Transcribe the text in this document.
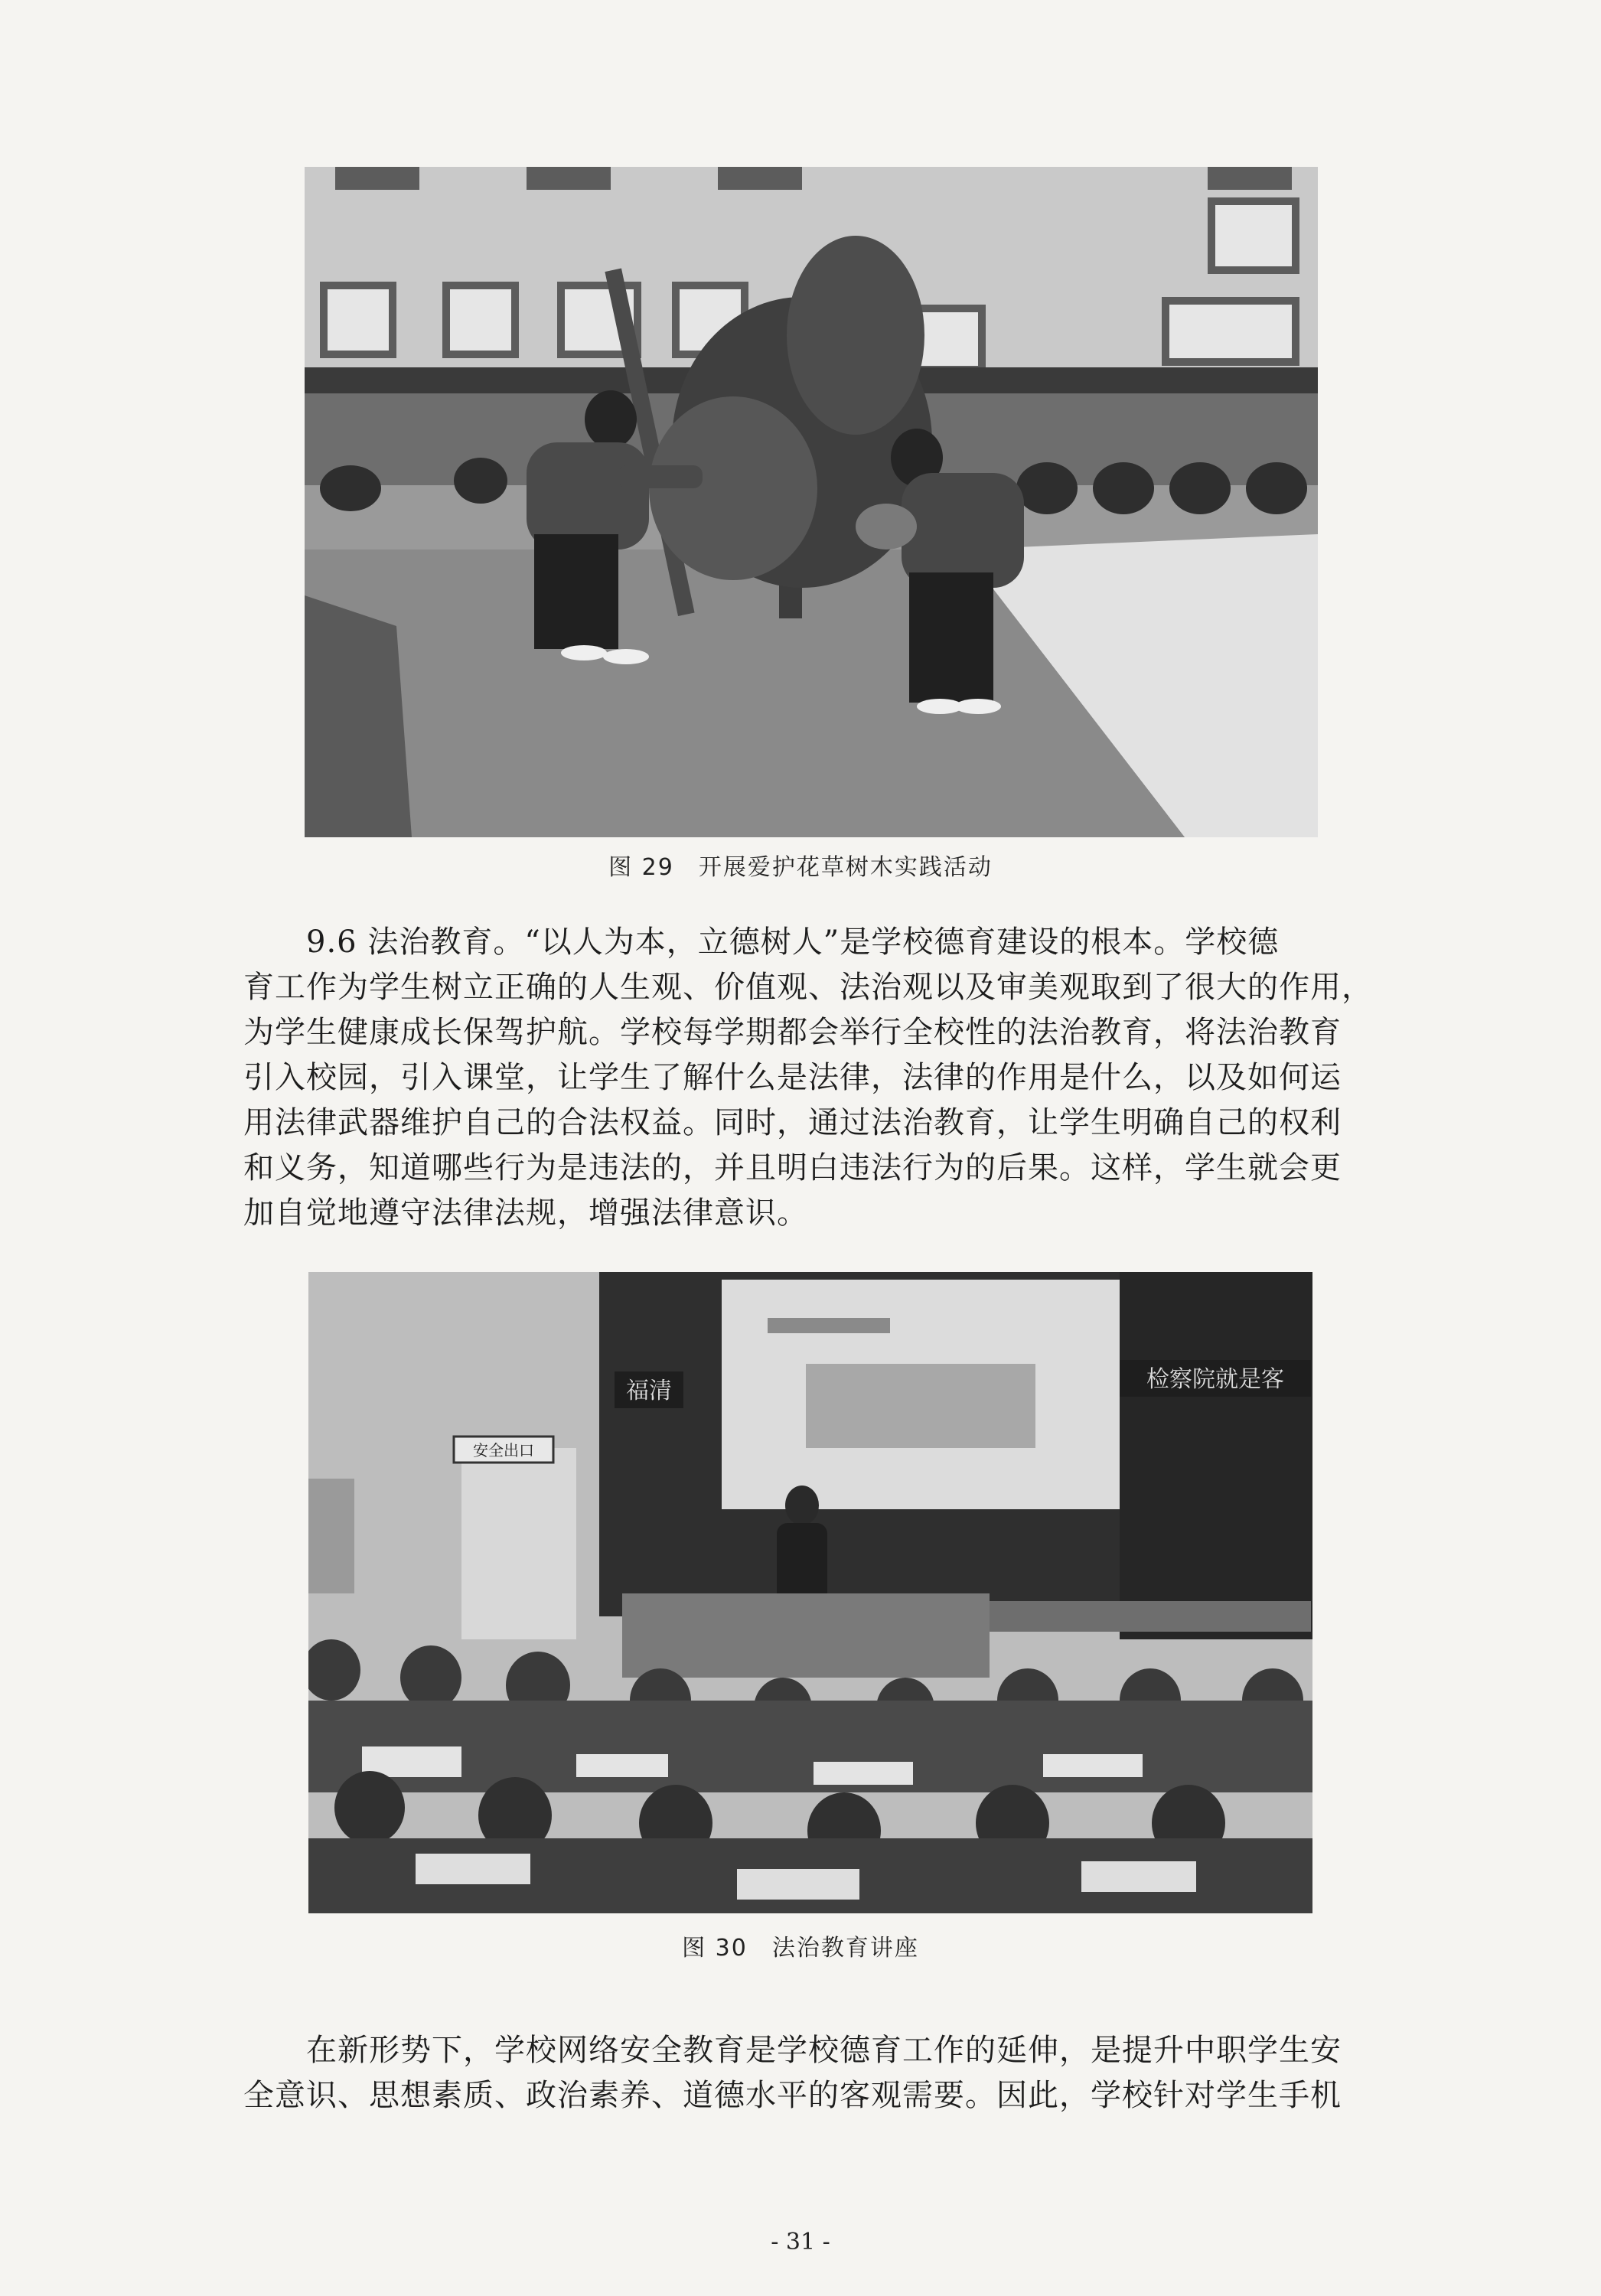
图 29　开展爱护花草树木实践活动
9.6 法治教育。“以人为本，立德树人”是学校德育建设的根本。学校德
育工作为学生树立正确的人生观、价值观、法治观以及审美观取到了很大的作用，
为学生健康成长保驾护航。学校每学期都会举行全校性的法治教育，将法治教育
引入校园，引入课堂，让学生了解什么是法律，法律的作用是什么，以及如何运
用法律武器维护自己的合法权益。同时，通过法治教育，让学生明确自己的权利
和义务，知道哪些行为是违法的，并且明白违法行为的后果。这样，学生就会更
加自觉地遵守法律法规，增强法律意识。
福清	检察院就是客
安全出口
图 30　法治教育讲座
在新形势下，学校网络安全教育是学校德育工作的延伸，是提升中职学生安
全意识、思想素质、政治素养、道德水平的客观需要。因此，学校针对学生手机
- 31 -
